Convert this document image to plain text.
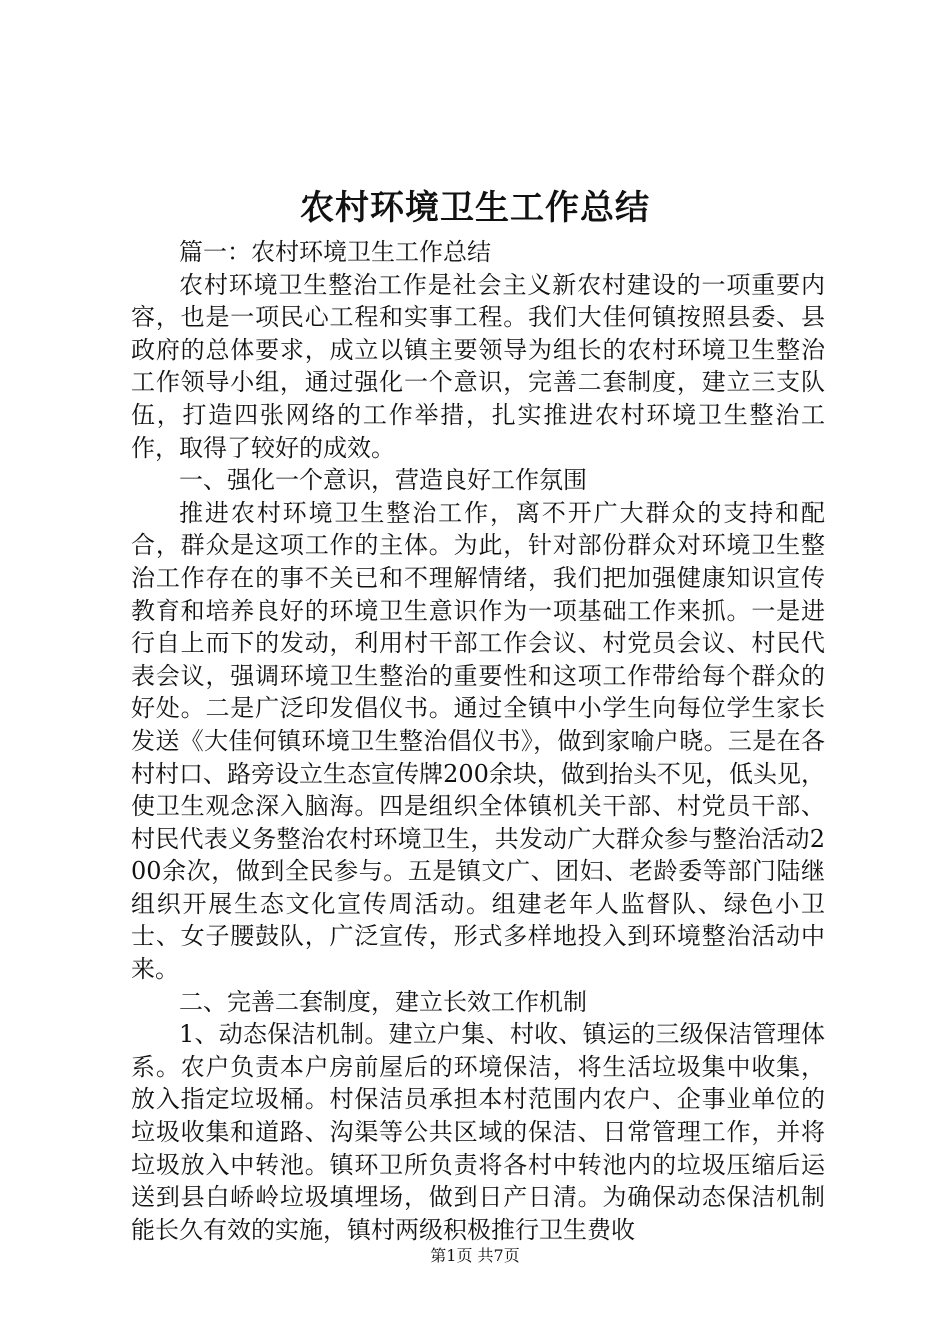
农村环境卫生工作总结

篇一：农村环境卫生工作总结

农村环境卫生整治工作是社会主义新农村建设的一项重要内容，也是一项民心工程和实事工程。我们大佳何镇按照县委、县政府的总体要求，成立以镇主要领导为组长的农村环境卫生整治工作领导小组，通过强化一个意识，完善二套制度，建立三支队伍，打造四张网络的工作举措，扎实推进农村环境卫生整治工作，取得了较好的成效。

一、强化一个意识，营造良好工作氛围

推进农村环境卫生整治工作，离不开广大群众的支持和配合，群众是这项工作的主体。为此，针对部份群众对环境卫生整治工作存在的事不关已和不理解情绪，我们把加强健康知识宣传教育和培养良好的环境卫生意识作为一项基础工作来抓。一是进行自上而下的发动，利用村干部工作会议、村党员会议、村民代表会议，强调环境卫生整治的重要性和这项工作带给每个群众的好处。二是广泛印发倡仪书。通过全镇中小学生向每位学生家长发送《大佳何镇环境卫生整治倡仪书》，做到家喻户晓。三是在各村村口、路旁设立生态宣传牌200余块，做到抬头不见，低头见，使卫生观念深入脑海。四是组织全体镇机关干部、村党员干部、村民代表义务整治农村环境卫生，共发动广大群众参与整治活动200余次，做到全民参与。五是镇文广、团妇、老龄委等部门陆继组织开展生态文化宣传周活动。组建老年人监督队、绿色小卫士、女子腰鼓队，广泛宣传，形式多样地投入到环境整治活动中来。

二、完善二套制度，建立长效工作机制

1、动态保洁机制。建立户集、村收、镇运的三级保洁管理体系。农户负责本户房前屋后的环境保洁，将生活垃圾集中收集，放入指定垃圾桶。村保洁员承担本村范围内农户、企事业单位的垃圾收集和道路、沟渠等公共区域的保洁、日常管理工作，并将垃圾放入中转池。镇环卫所负责将各村中转池内的垃圾压缩后运送到县白峤岭垃圾填埋场，做到日产日清。为确保动态保洁机制能长久有效的实施，镇村两级积极推行卫生费收

第1页 共7页
